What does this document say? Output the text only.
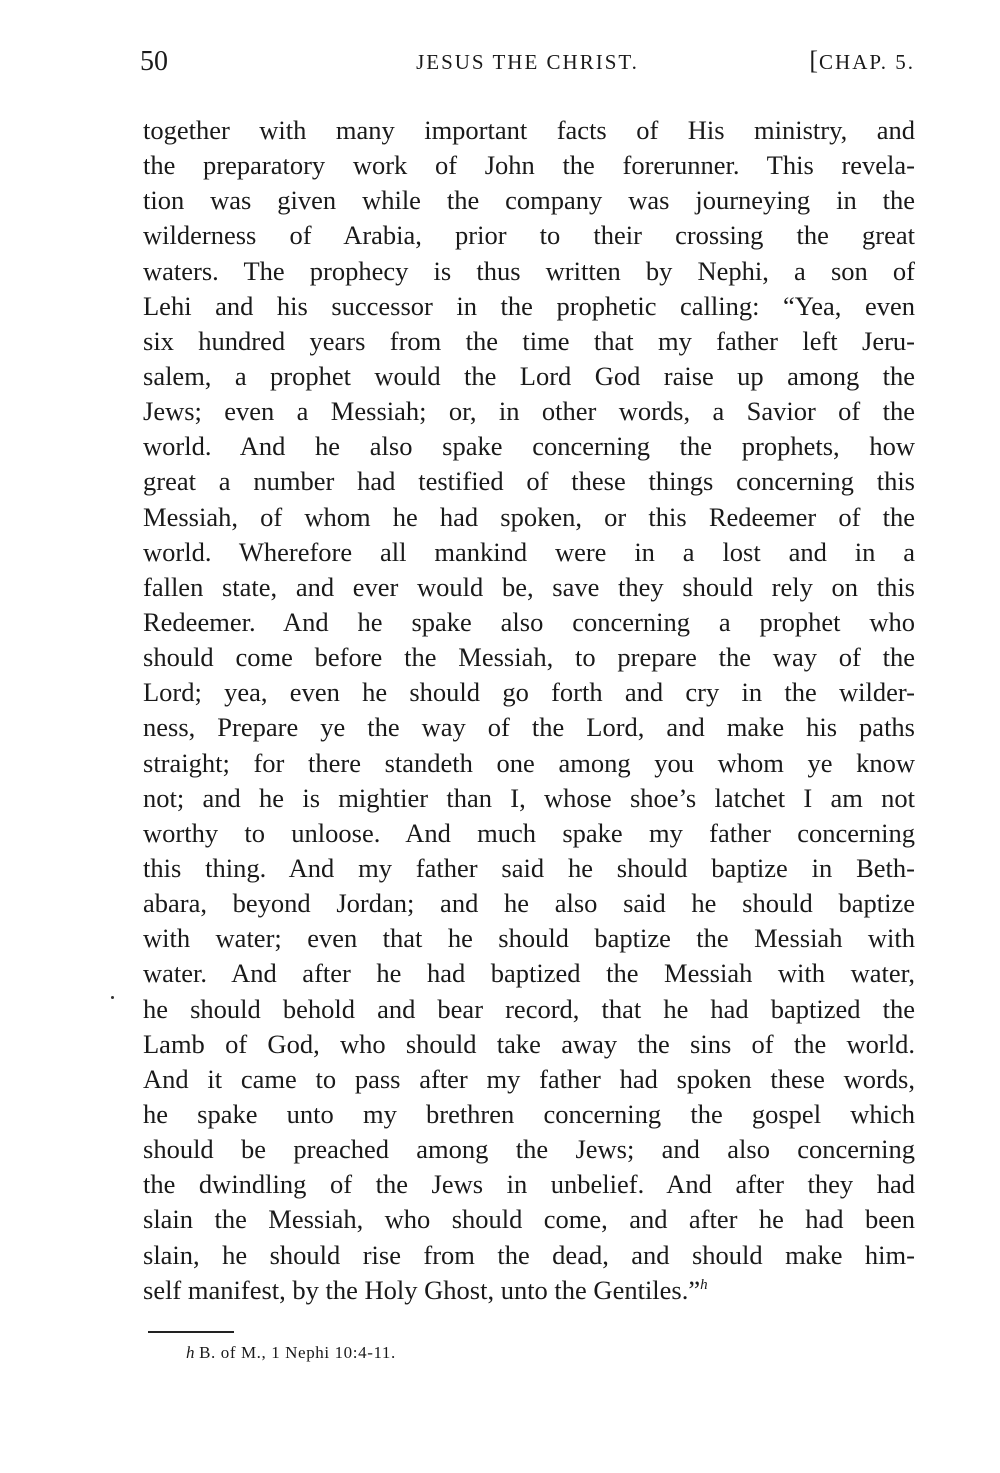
50	JESUS THE CHRIST.	[CHAP. 5.
together with many important facts of His ministry, and
the preparatory work of John the forerunner. This revela-
tion was given while the company was journeying in the
wilderness of Arabia, prior to their crossing the great
waters. The prophecy is thus written by Nephi, a son of
Lehi and his successor in the prophetic calling: “Yea, even
six hundred years from the time that my father left Jeru-
salem, a prophet would the Lord God raise up among the
Jews; even a Messiah; or, in other words, a Savior of the
world. And he also spake concerning the prophets, how
great a number had testified of these things concerning this
Messiah, of whom he had spoken, or this Redeemer of the
world. Wherefore all mankind were in a lost and in a
fallen state, and ever would be, save they should rely on this
Redeemer. And he spake also concerning a prophet who
should come before the Messiah, to prepare the way of the
Lord; yea, even he should go forth and cry in the wilder-
ness, Prepare ye the way of the Lord, and make his paths
straight; for there standeth one among you whom ye know
not; and he is mightier than I, whose shoe’s latchet I am not
worthy to unloose. And much spake my father concerning
this thing. And my father said he should baptize in Beth-
abara, beyond Jordan; and he also said he should baptize
with water; even that he should baptize the Messiah with
water. And after he had baptized the Messiah with water,
he should behold and bear record, that he had baptized the
Lamb of God, who should take away the sins of the world.
And it came to pass after my father had spoken these words,
he spake unto my brethren concerning the gospel which
should be preached among the Jews; and also concerning
the dwindling of the Jews in unbelief. And after they had
slain the Messiah, who should come, and after he had been
slain, he should rise from the dead, and should make him-
self manifest, by the Holy Ghost, unto the Gentiles.”$^h$
h B. of M., 1 Nephi 10:4-11.
